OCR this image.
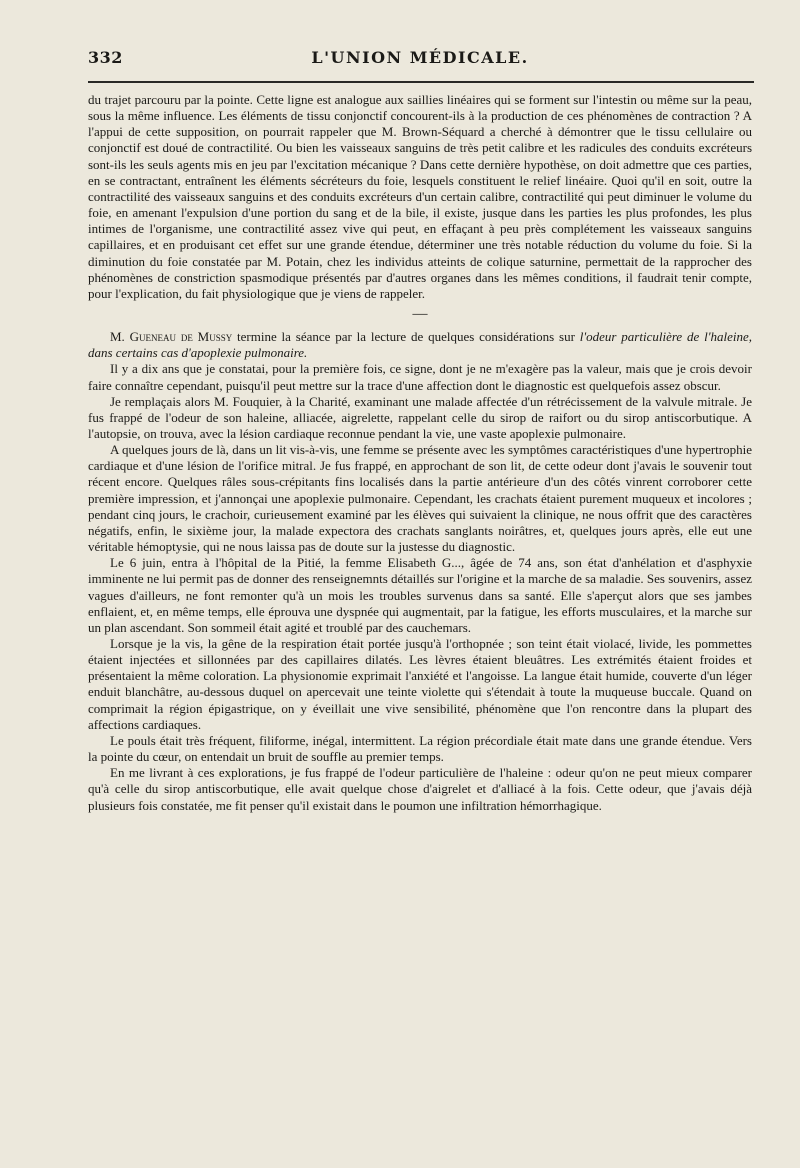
332	L'UNION MÉDICALE.

du trajet parcouru par la pointe. Cette ligne est analogue aux saillies linéaires qui se forment sur l'intestin ou même sur la peau, sous la même influence. Les éléments de tissu conjonctif concourent-ils à la production de ces phénomènes de contraction ? A l'appui de cette supposition, on pourrait rappeler que M. Brown-Séquard a cherché à démontrer que le tissu cellulaire ou conjonctif est doué de contractilité. Ou bien les vaisseaux sanguins de très petit calibre et les radicules des conduits excréteurs sont-ils les seuls agents mis en jeu par l'excitation mécanique ? Dans cette dernière hypothèse, on doit admettre que ces parties, en se contractant, entraînent les éléments sécréteurs du foie, lesquels constituent le relief linéaire. Quoi qu'il en soit, outre la contractilité des vaisseaux sanguins et des conduits excréteurs d'un certain calibre, contractilité qui peut diminuer le volume du foie, en amenant l'expulsion d'une portion du sang et de la bile, il existe, jusque dans les parties les plus profondes, les plus intimes de l'organisme, une contractilité assez vive qui peut, en effaçant à peu près complétement les vaisseaux sanguins capillaires, et en produisant cet effet sur une grande étendue, déterminer une très notable réduction du volume du foie. Si la diminution du foie constatée par M. Potain, chez les individus atteints de colique saturnine, permettait de la rapprocher des phénomènes de constriction spasmodique présentés par d'autres organes dans les mêmes conditions, il faudrait tenir compte, pour l'explication, du fait physiologique que je viens de rappeler.

—

M. Gueneau de Mussy termine la séance par la lecture de quelques considérations sur l'odeur particulière de l'haleine, dans certains cas d'apoplexie pulmonaire.

Il y a dix ans que je constatai, pour la première fois, ce signe, dont je ne m'exagère pas la valeur, mais que je crois devoir faire connaître cependant, puisqu'il peut mettre sur la trace d'une affection dont le diagnostic est quelquefois assez obscur.

Je remplaçais alors M. Fouquier, à la Charité, examinant une malade affectée d'un rétrécissement de la valvule mitrale. Je fus frappé de l'odeur de son haleine, alliacée, aigrelette, rappelant celle du sirop de raifort ou du sirop antiscorbutique. A l'autopsie, on trouva, avec la lésion cardiaque reconnue pendant la vie, une vaste apoplexie pulmonaire.

A quelques jours de là, dans un lit vis-à-vis, une femme se présente avec les symptômes caractéristiques d'une hypertrophie cardiaque et d'une lésion de l'orifice mitral. Je fus frappé, en approchant de son lit, de cette odeur dont j'avais le souvenir tout récent encore. Quelques râles sous-crépitants fins localisés dans la partie antérieure d'un des côtés vinrent corroborer cette première impression, et j'annonçai une apoplexie pulmonaire. Cependant, les crachats étaient purement muqueux et incolores ; pendant cinq jours, le crachoir, curieusement examiné par les élèves qui suivaient la clinique, ne nous offrit que des caractères négatifs, enfin, le sixième jour, la malade expectora des crachats sanglants noirâtres, et, quelques jours après, elle eut une véritable hémoptysie, qui ne nous laissa pas de doute sur la justesse du diagnostic.

Le 6 juin, entra à l'hôpital de la Pitié, la femme Elisabeth G..., âgée de 74 ans, son état d'anhélation et d'asphyxie imminente ne lui permit pas de donner des renseignemnts détaillés sur l'origine et la marche de sa maladie. Ses souvenirs, assez vagues d'ailleurs, ne font remonter qu'à un mois les troubles survenus dans sa santé. Elle s'aperçut alors que ses jambes enflaient, et, en même temps, elle éprouva une dyspnée qui augmentait, par la fatigue, les efforts musculaires, et la marche sur un plan ascendant. Son sommeil était agité et troublé par des cauchemars.

Lorsque je la vis, la gêne de la respiration était portée jusqu'à l'orthopnée ; son teint était violacé, livide, les pommettes étaient injectées et sillonnées par des capillaires dilatés. Les lèvres étaient bleuâtres. Les extrémités étaient froides et présentaient la même coloration. La physionomie exprimait l'anxiété et l'angoisse. La langue était humide, couverte d'un léger enduit blanchâtre, au-dessous duquel on apercevait une teinte violette qui s'étendait à toute la muqueuse buccale. Quand on comprimait la région épigastrique, on y éveillait une vive sensibilité, phénomène que l'on rencontre dans la plupart des affections cardiaques.

Le pouls était très fréquent, filiforme, inégal, intermittent. La région précordiale était mate dans une grande étendue. Vers la pointe du cœur, on entendait un bruit de souffle au premier temps.

En me livrant à ces explorations, je fus frappé de l'odeur particulière de l'haleine : odeur qu'on ne peut mieux comparer qu'à celle du sirop antiscorbutique, elle avait quelque chose d'aigrelet et d'alliacé à la fois. Cette odeur, que j'avais déjà plusieurs fois constatée, me fit penser qu'il existait dans le poumon une infiltration hémorrhagique.
